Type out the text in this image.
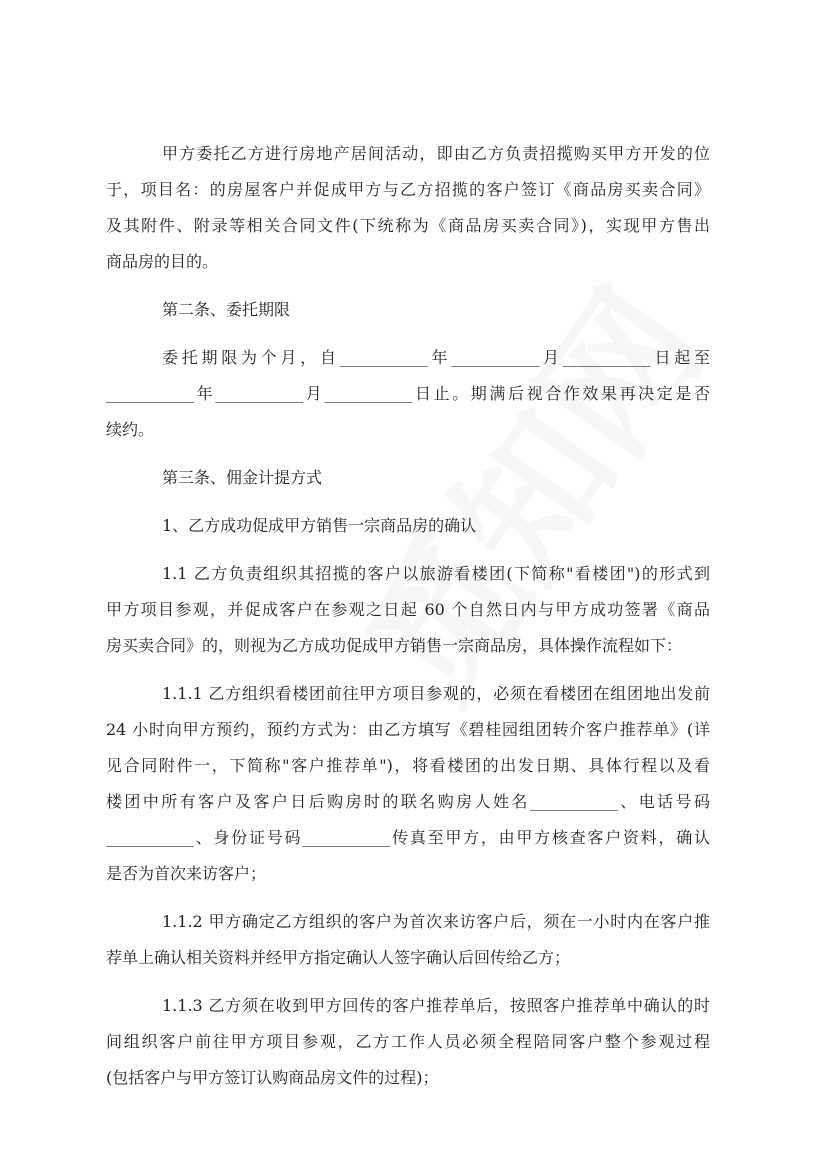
甲方委托乙方进行房地产居间活动，即由乙方负责招揽购买甲方开发的位
于，项目名：的房屋客户并促成甲方与乙方招揽的客户签订《商品房买卖合同》
及其附件、附录等相关合同文件(下统称为《商品房买卖合同》)，实现甲方售出
商品房的目的。
第二条、委托期限
委托期限为个月，自___________年___________月___________日起至
___________年___________月___________日止。期满后视合作效果再决定是否
续约。
第三条、佣金计提方式
1、乙方成功促成甲方销售一宗商品房的确认
1.1 乙方负责组织其招揽的客户以旅游看楼团(下简称"看楼团")的形式到
甲方项目参观，并促成客户在参观之日起 60 个自然日内与甲方成功签署《商品
房买卖合同》的，则视为乙方成功促成甲方销售一宗商品房，具体操作流程如下：
1.1.1 乙方组织看楼团前往甲方项目参观的，必须在看楼团在组团地出发前
24 小时向甲方预约，预约方式为：由乙方填写《碧桂园组团转介客户推荐单》(详
见合同附件一，下简称"客户推荐单")，将看楼团的出发日期、具体行程以及看
楼团中所有客户及客户日后购房时的联名购房人姓名___________、电话号码
___________、身份证号码___________传真至甲方，由甲方核查客户资料，确认
是否为首次来访客户；
1.1.2 甲方确定乙方组织的客户为首次来访客户后，须在一小时内在客户推
荐单上确认相关资料并经甲方指定确认人签字确认后回传给乙方；
1.1.3 乙方须在收到甲方回传的客户推荐单后，按照客户推荐单中确认的时
间组织客户前往甲方项目参观，乙方工作人员必须全程陪同客户整个参观过程
(包括客户与甲方签订认购商品房文件的过程)；
